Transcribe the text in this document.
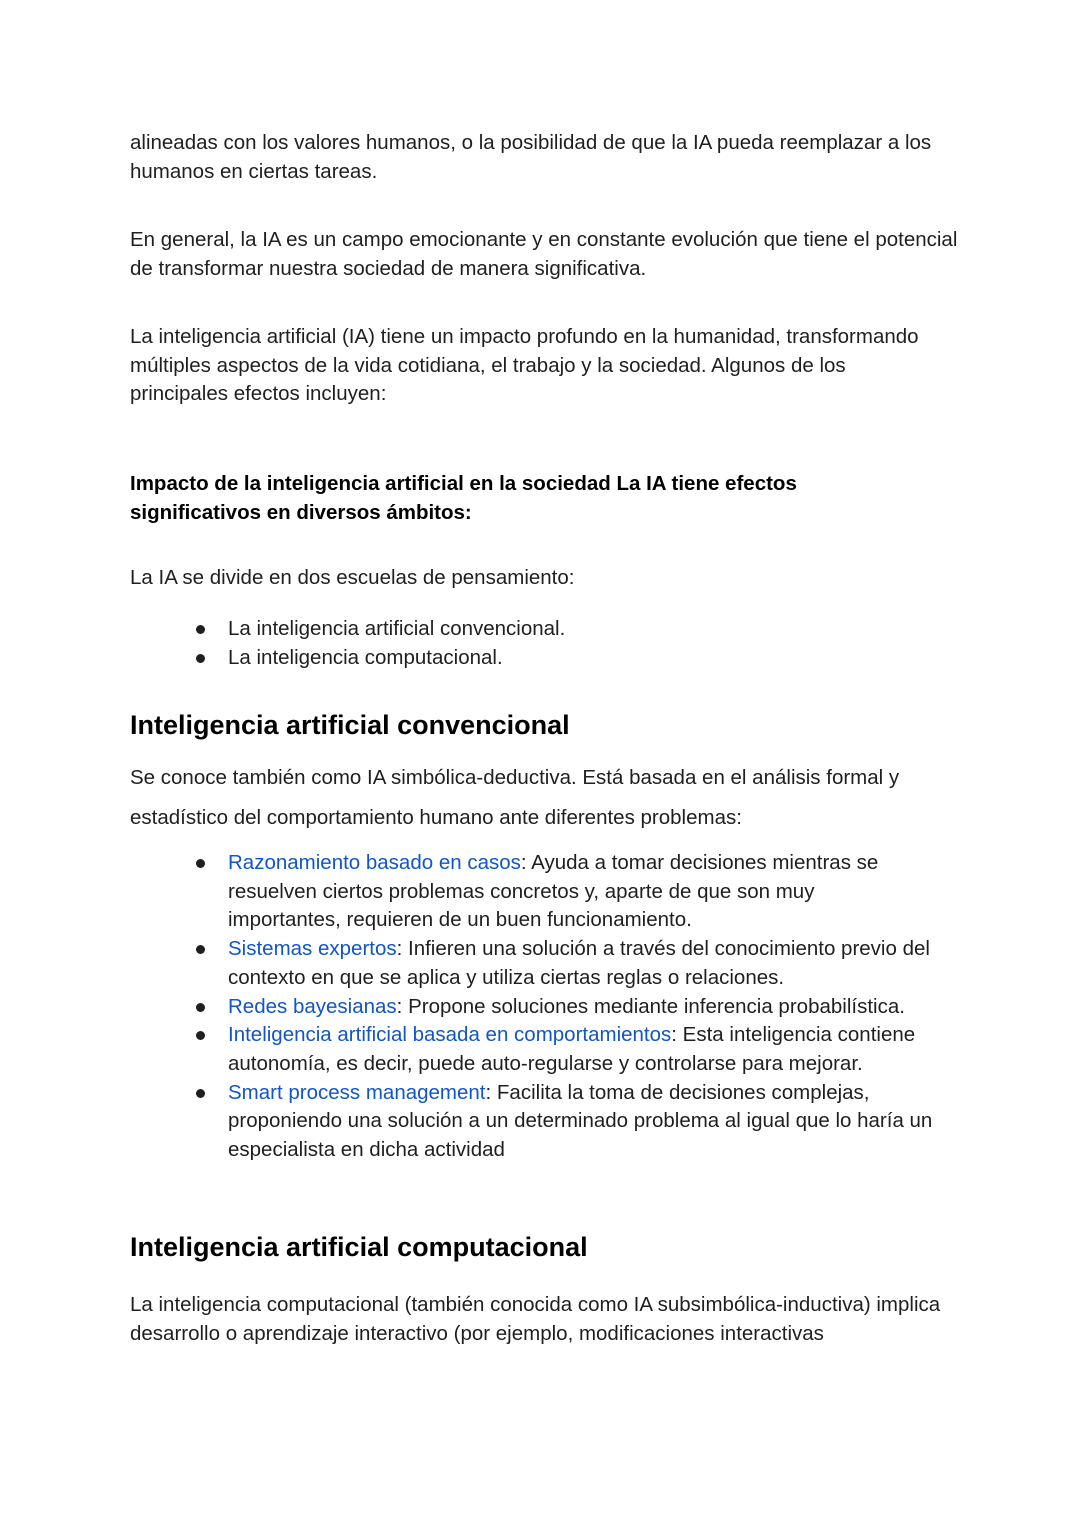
alineadas con los valores humanos, o la posibilidad de que la IA pueda reemplazar a los humanos en ciertas tareas.

En general, la IA es un campo emocionante y en constante evolución que tiene el potencial de transformar nuestra sociedad de manera significativa.

La inteligencia artificial (IA) tiene un impacto profundo en la humanidad, transformando múltiples aspectos de la vida cotidiana, el trabajo y la sociedad. Algunos de los principales efectos incluyen:

Impacto de la inteligencia artificial en la sociedad La IA tiene efectos significativos en diversos ámbitos:

La IA se divide en dos escuelas de pensamiento:

La inteligencia artificial convencional.
La inteligencia computacional.
Inteligencia artificial convencional

Se conoce también como IA simbólica-deductiva. Está basada en el análisis formal y estadístico del comportamiento humano ante diferentes problemas:

Razonamiento basado en casos: Ayuda a tomar decisiones mientras se resuelven ciertos problemas concretos y, aparte de que son muy importantes, requieren de un buen funcionamiento.
Sistemas expertos: Infieren una solución a través del conocimiento previo del contexto en que se aplica y utiliza ciertas reglas o relaciones.
Redes bayesianas: Propone soluciones mediante inferencia probabilística.
Inteligencia artificial basada en comportamientos: Esta inteligencia contiene autonomía, es decir, puede auto-regularse y controlarse para mejorar.
Smart process management: Facilita la toma de decisiones complejas, proponiendo una solución a un determinado problema al igual que lo haría un especialista en dicha actividad
Inteligencia artificial computacional

La inteligencia computacional (también conocida como IA subsimbólica-inductiva) implica desarrollo o aprendizaje interactivo (por ejemplo, modificaciones interactivas
